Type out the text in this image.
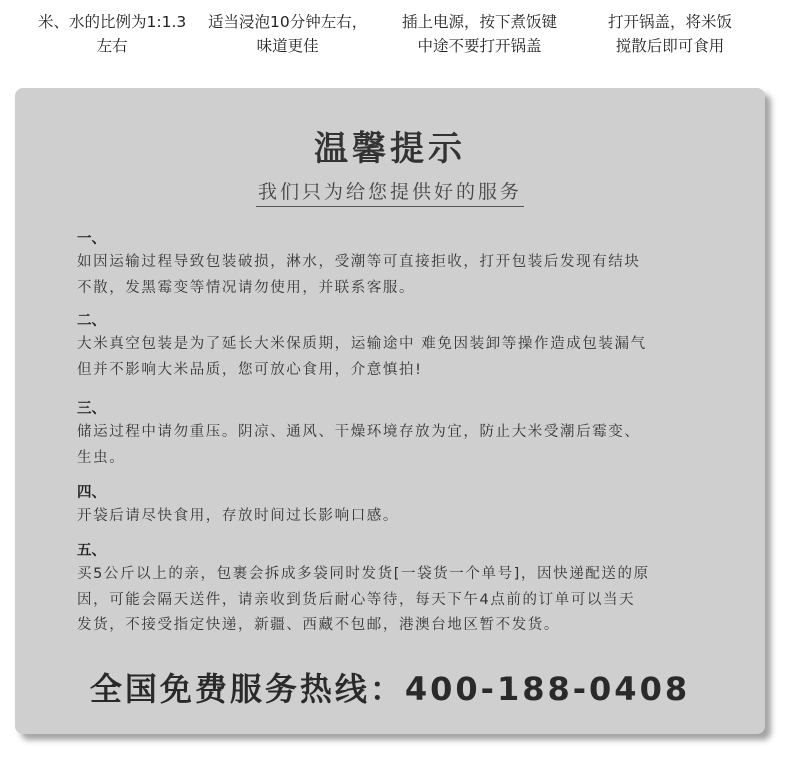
米、水的比例为1:1.3
左右
适当浸泡10分钟左右，
味道更佳
插上电源，按下煮饭键
中途不要打开锅盖
打开锅盖，将米饭
搅散后即可食用
温馨提示
我们只为给您提供好的服务
一、
如因运输过程导致包装破损，淋水，受潮等可直接拒收，打开包装后发现有结块
不散，发黑霉变等情况请勿使用，并联系客服。
二、
大米真空包装是为了延长大米保质期，运输途中 难免因装卸等操作造成包装漏气
但并不影响大米品质，您可放心食用，介意慎拍!
三、
储运过程中请勿重压。阴凉、通风、干燥环境存放为宜，防止大米受潮后霉变、
生虫。
四、
开袋后请尽快食用，存放时间过长影响口感。
五、
买5公斤以上的亲，包裹会拆成多袋同时发货[一袋货一个单号]，因快递配送的原
因，可能会隔天送件，请亲收到货后耐心等待，每天下午4点前的订单可以当天
发货，不接受指定快递，新疆、西藏不包邮，港澳台地区暂不发货。
全国免费服务热线：400-188-0408
